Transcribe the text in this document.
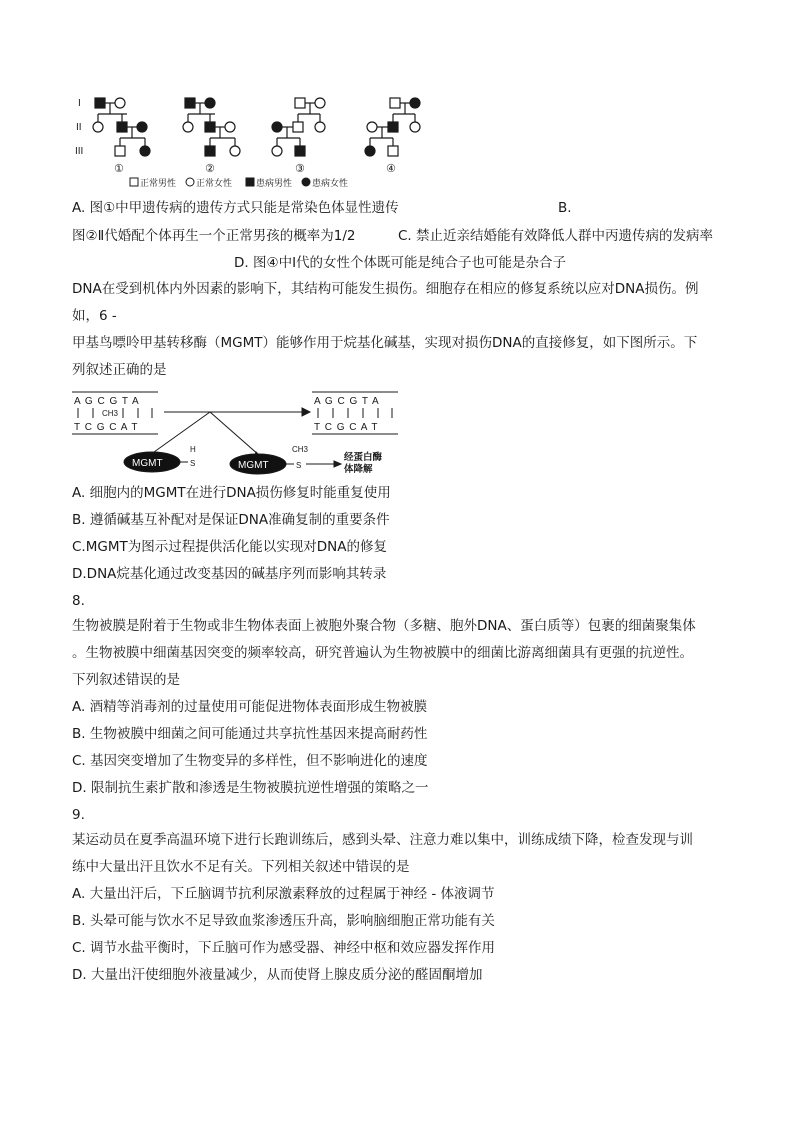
I
II
III
①	②	③	④
正常男性 正常女性	患病男性 患病女性
A. 图①中甲遗传病的遗传方式只能是常染色体显性遗传	B.
图②Ⅱ代婚配个体再生一个正常男孩的概率为1/2	C. 禁止近亲结婚能有效降低人群中丙遗传病的发病率
D. 图④中Ⅰ代的女性个体既可能是纯合子也可能是杂合子
DNA在受到机体内外因素的影响下，其结构可能发生损伤。细胞存在相应的修复系统以应对DNA损伤。例
如，6 -
甲基鸟嘌呤甲基转移酶（MGMT）能够作用于烷基化碱基，实现对损伤DNA的直接修复，如下图所示。下
列叙述正确的是
A G C G T A
CH3
T C G C A T
A G C G T A
T C G C A T
MGMT
H
S	MGMT
CH3
S
经蛋白酶
体降解
A. 细胞内的MGMT在进行DNA损伤修复时能重复使用
B. 遵循碱基互补配对是保证DNA准确复制的重要条件
C.MGMT为图示过程提供活化能以实现对DNA的修复
D.DNA烷基化通过改变基因的碱基序列而影响其转录
8.
生物被膜是附着于生物或非生物体表面上被胞外聚合物（多糖、胞外DNA、蛋白质等）包裹的细菌聚集体
。生物被膜中细菌基因突变的频率较高，研究普遍认为生物被膜中的细菌比游离细菌具有更强的抗逆性。
下列叙述错误的是
A. 酒精等消毒剂的过量使用可能促进物体表面形成生物被膜
B. 生物被膜中细菌之间可能通过共享抗性基因来提高耐药性
C. 基因突变增加了生物变异的多样性，但不影响进化的速度
D. 限制抗生素扩散和渗透是生物被膜抗逆性增强的策略之一
9.
某运动员在夏季高温环境下进行长跑训练后，感到头晕、注意力难以集中，训练成绩下降，检查发现与训
练中大量出汗且饮水不足有关。下列相关叙述中错误的是
A. 大量出汗后，下丘脑调节抗利尿激素释放的过程属于神经 - 体液调节
B. 头晕可能与饮水不足导致血浆渗透压升高，影响脑细胞正常功能有关
C. 调节水盐平衡时，下丘脑可作为感受器、神经中枢和效应器发挥作用
D. 大量出汗使细胞外液量减少，从而使肾上腺皮质分泌的醛固酮增加
